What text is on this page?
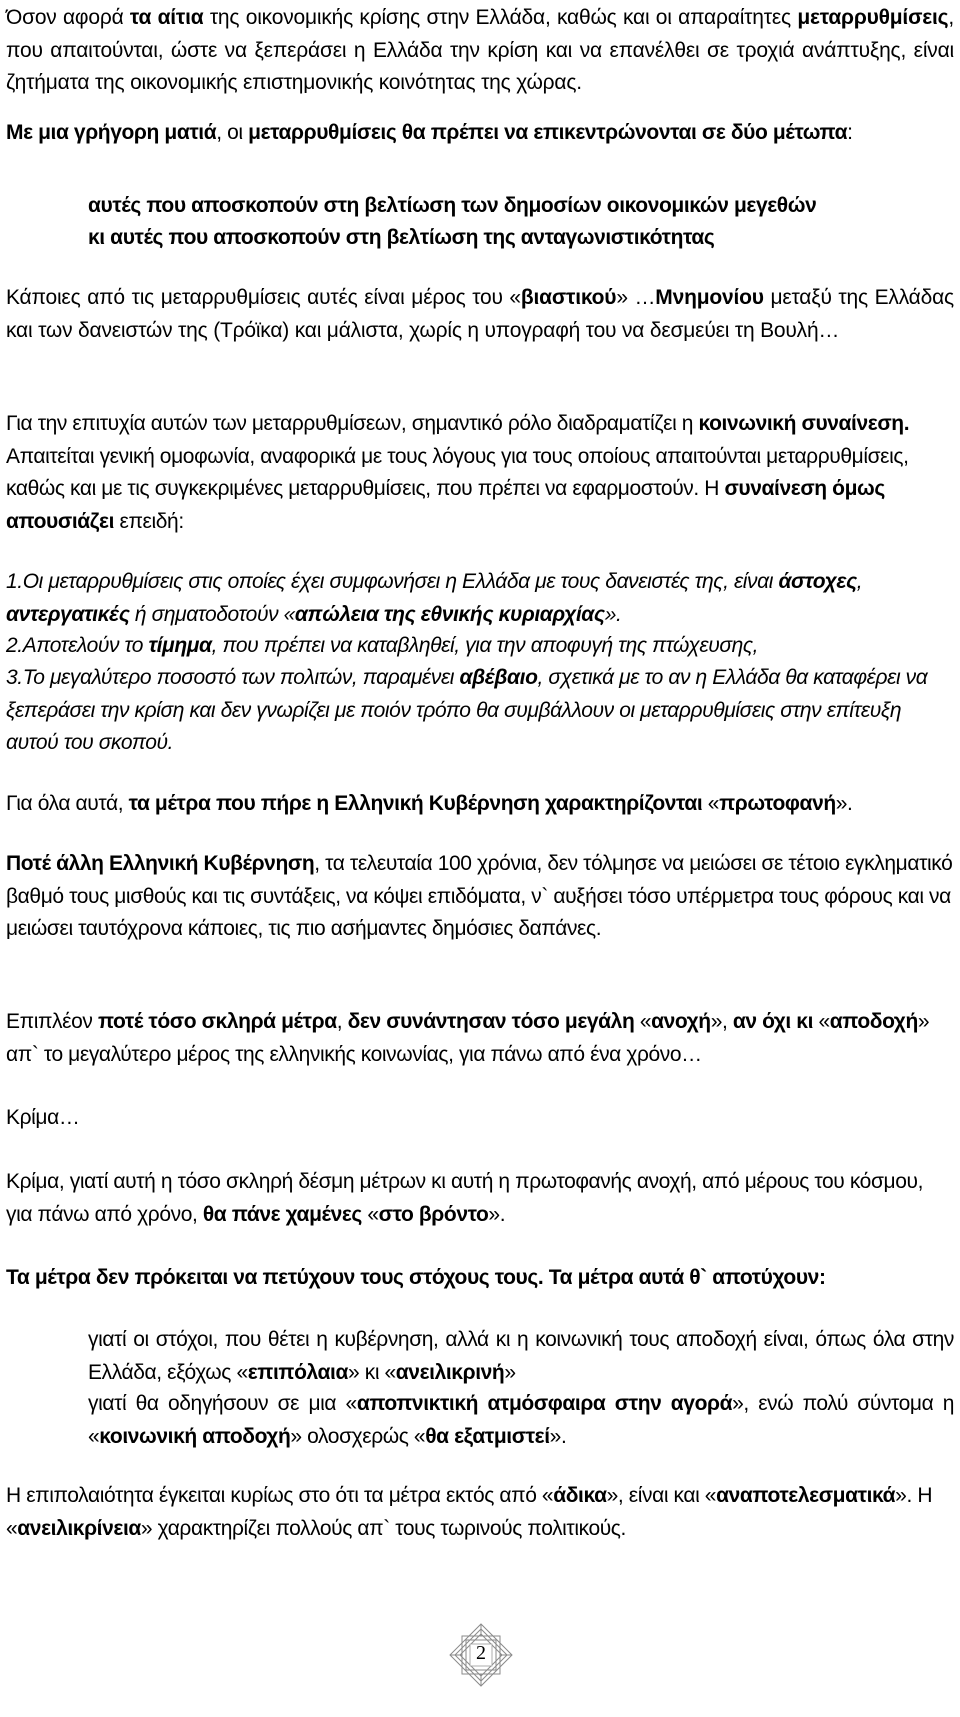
Όσον αφορά τα αίτια της οικονομικής κρίσης στην Ελλάδα, καθώς και οι απαραίτητες μεταρρυθμίσεις, που απαιτούνται, ώστε να ξεπεράσει η Ελλάδα την κρίση και να επανέλθει σε τροχιά ανάπτυξης, είναι ζητήματα της οικονομικής επιστημονικής κοινότητας της χώρας.

Με μια γρήγορη ματιά, οι μεταρρυθμίσεις θα πρέπει να επικεντρώνονται σε δύο μέτωπα:

αυτές που αποσκοπούν στη βελτίωση των δημοσίων οικονομικών μεγεθών

κι αυτές που αποσκοπούν στη βελτίωση της ανταγωνιστικότητας

Κάποιες από τις μεταρρυθμίσεις αυτές είναι μέρος του «βιαστικού» …Μνημονίου μεταξύ της Ελλάδας και των δανειστών της (Τρόϊκα) και μάλιστα, χωρίς η υπογραφή του να δεσμεύει τη Βουλή…

Για την επιτυχία αυτών των μεταρρυθμίσεων, σημαντικό ρόλο διαδραματίζει η κοινωνική συναίνεση. Απαιτείται γενική ομοφωνία, αναφορικά με τους λόγους για τους οποίους απαιτούνται μεταρρυθμίσεις, καθώς και με τις συγκεκριμένες μεταρρυθμίσεις, που πρέπει να εφαρμοστούν. Η συναίνεση όμως απουσιάζει επειδή:

1.Οι μεταρρυθμίσεις στις οποίες έχει συμφωνήσει η Ελλάδα με τους δανειστές της, είναι άστοχες, αντεργατικές ή σηματοδοτούν «απώλεια της εθνικής κυριαρχίας».

2.Αποτελούν το τίμημα, που πρέπει να καταβληθεί, για την αποφυγή της πτώχευσης,

3.Το μεγαλύτερο ποσοστό των πολιτών, παραμένει αβέβαιο, σχετικά με το αν η Ελλάδα θα καταφέρει να ξεπεράσει την κρίση και δεν γνωρίζει με ποιόν τρόπο θα συμβάλλουν οι μεταρρυθμίσεις στην επίτευξη αυτού του σκοπού.

Για όλα αυτά, τα μέτρα που πήρε η Ελληνική Κυβέρνηση χαρακτηρίζονται «πρωτοφανή».

Ποτέ άλλη Ελληνική Κυβέρνηση, τα τελευταία 100 χρόνια, δεν τόλμησε να μειώσει σε τέτοιο εγκληματικό βαθμό τους μισθούς και τις συντάξεις, να κόψει επιδόματα, ν` αυξήσει τόσο υπέρμετρα τους φόρους και να μειώσει ταυτόχρονα κάποιες, τις πιο ασήμαντες δημόσιες δαπάνες.

Επιπλέον ποτέ τόσο σκληρά μέτρα, δεν συνάντησαν τόσο μεγάλη «ανοχή», αν όχι κι «αποδοχή» απ` το μεγαλύτερο μέρος της ελληνικής κοινωνίας, για πάνω από ένα χρόνο…

Κρίμα…

Κρίμα, γιατί αυτή η τόσο σκληρή δέσμη μέτρων κι αυτή η πρωτοφανής ανοχή, από μέρους του κόσμου, για πάνω από χρόνο, θα πάνε χαμένες «στο βρόντο».

Τα μέτρα δεν πρόκειται να πετύχουν τους στόχους τους. Τα μέτρα αυτά θ` αποτύχουν:

γιατί οι στόχοι, που θέτει η κυβέρνηση, αλλά κι η κοινωνική τους αποδοχή είναι, όπως όλα στην Ελλάδα, εξόχως «επιπόλαια» κι «ανειλικρινή»

γιατί θα οδηγήσουν σε μια «αποπνικτική ατμόσφαιρα στην αγορά», ενώ πολύ σύντομα η «κοινωνική αποδοχή» ολοσχερώς «θα εξατμιστεί».

Η επιπολαιότητα έγκειται κυρίως στο ότι τα μέτρα εκτός από «άδικα», είναι και «αναποτελεσματικά». Η «ανειλικρίνεια» χαρακτηρίζει πολλούς απ` τους τωρινούς πολιτικούς.

2
